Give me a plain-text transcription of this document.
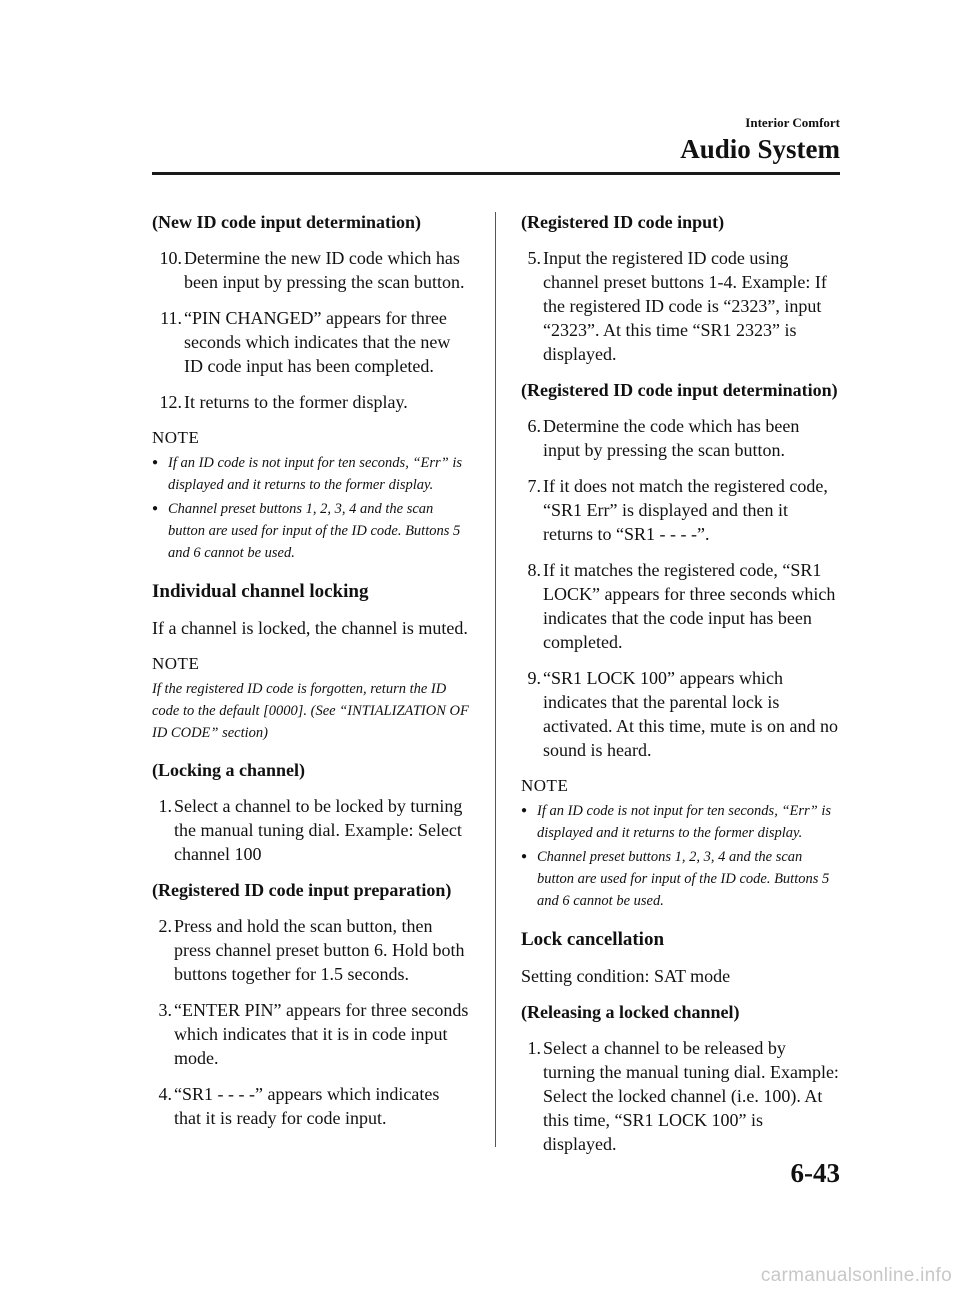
Interior Comfort
Audio System
(New ID code input determination)
10. Determine the new ID code which has been input by pressing the scan button.
11. “PIN CHANGED” appears for three seconds which indicates that the new ID code input has been completed.
12. It returns to the former display.
NOTE
● If an ID code is not input for ten seconds, “Err” is displayed and it returns to the former display.
● Channel preset buttons 1, 2, 3, 4 and the scan button are used for input of the ID code. Buttons 5 and 6 cannot be used.
Individual channel locking
If a channel is locked, the channel is muted.
NOTE
If the registered ID code is forgotten, return the ID code to the default [0000]. (See “INTIALIZATION OF ID CODE” section)
(Locking a channel)
1. Select a channel to be locked by turning the manual tuning dial. Example: Select channel 100
(Registered ID code input preparation)
2. Press and hold the scan button, then press channel preset button 6. Hold both buttons together for 1.5 seconds.
3. “ENTER PIN” appears for three seconds which indicates that it is in code input mode.
4. “SR1 - - - -” appears which indicates that it is ready for code input.
(Registered ID code input)
5. Input the registered ID code using channel preset buttons 1-4. Example: If the registered ID code is “2323”, input “2323”. At this time “SR1 2323” is displayed.
(Registered ID code input determination)
6. Determine the code which has been input by pressing the scan button.
7. If it does not match the registered code, “SR1 Err” is displayed and then it returns to “SR1 - - - -”.
8. If it matches the registered code, “SR1 LOCK” appears for three seconds which indicates that the code input has been completed.
9. “SR1 LOCK 100” appears which indicates that the parental lock is activated. At this time, mute is on and no sound is heard.
NOTE
● If an ID code is not input for ten seconds, “Err” is displayed and it returns to the former display.
● Channel preset buttons 1, 2, 3, 4 and the scan button are used for input of the ID code. Buttons 5 and 6 cannot be used.
Lock cancellation
Setting condition: SAT mode
(Releasing a locked channel)
1. Select a channel to be released by turning the manual tuning dial. Example: Select the locked channel (i.e. 100). At this time, “SR1 LOCK 100” is displayed.
6-43
carmanualsonline.info
